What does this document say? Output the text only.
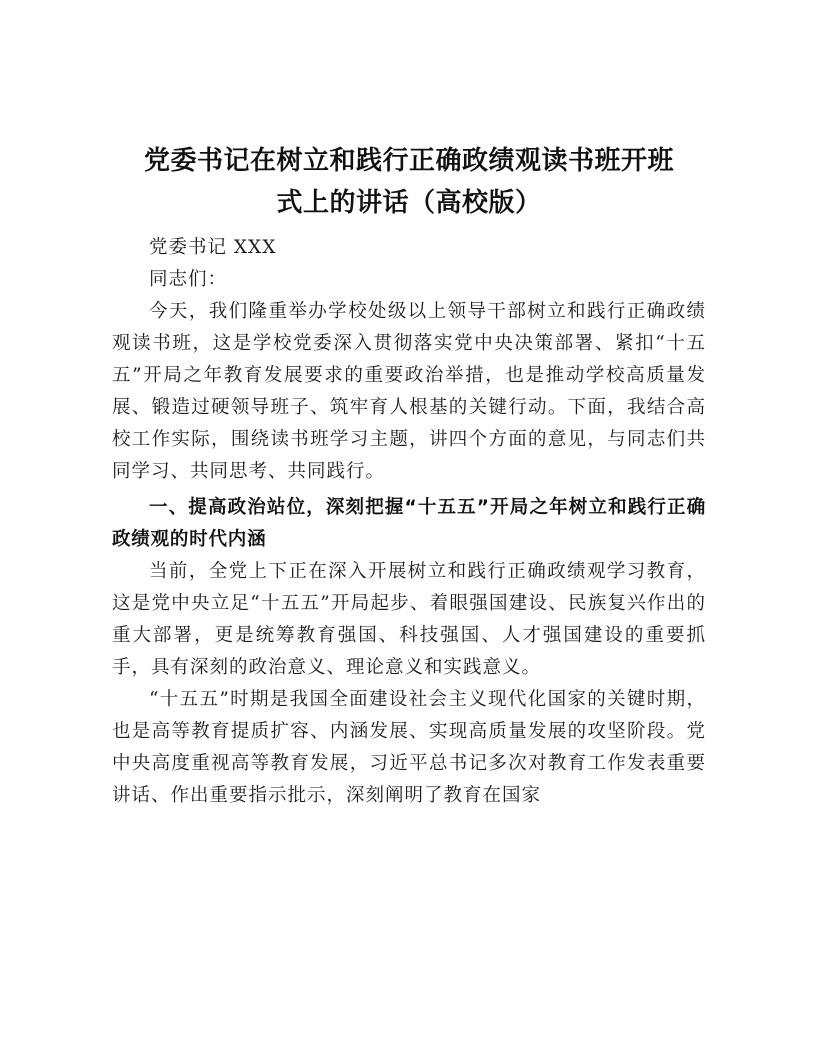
党委书记在树立和践行正确政绩观读书班开班
式上的讲话（高校版）

党委书记 XXX

同志们：

今天，我们隆重举办学校处级以上领导干部树立和践行正确政绩观读书班，这是学校党委深入贯彻落实党中央决策部署、紧扣“十五五”开局之年教育发展要求的重要政治举措，也是推动学校高质量发展、锻造过硬领导班子、筑牢育人根基的关键行动。下面，我结合高校工作实际，围绕读书班学习主题，讲四个方面的意见，与同志们共同学习、共同思考、共同践行。

一、提高政治站位，深刻把握“十五五”开局之年树立和践行正确政绩观的时代内涵

当前，全党上下正在深入开展树立和践行正确政绩观学习教育，这是党中央立足“十五五”开局起步、着眼强国建设、民族复兴作出的重大部署，更是统筹教育强国、科技强国、人才强国建设的重要抓手，具有深刻的政治意义、理论意义和实践意义。

“十五五”时期是我国全面建设社会主义现代化国家的关键时期，也是高等教育提质扩容、内涵发展、实现高质量发展的攻坚阶段。党中央高度重视高等教育发展，习近平总书记多次对教育工作发表重要讲话、作出重要指示批示，深刻阐明了教育在国家
